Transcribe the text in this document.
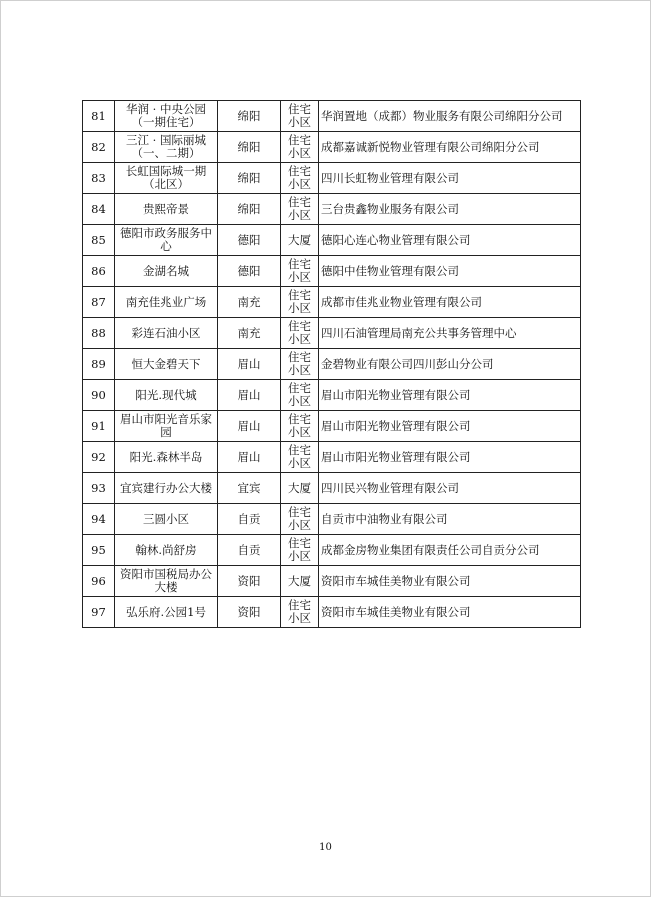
81	华润 · 中央公园（一期住宅）	绵阳	住宅小区	华润置地（成都）物业服务有限公司绵阳分公司
82	三江 · 国际丽城（一、二期）	绵阳	住宅小区	成都嘉诚新悦物业管理有限公司绵阳分公司
83	长虹国际城一期（北区）	绵阳	住宅小区	四川长虹物业管理有限公司
84	贵熙帝景	绵阳	住宅小区	三台贵鑫物业服务有限公司
85	德阳市政务服务中心	德阳	大厦	德阳心连心物业管理有限公司
86	金湖名城	德阳	住宅小区	德阳中佳物业管理有限公司
87	南充佳兆业广场	南充	住宅小区	成都市佳兆业物业管理有限公司
88	彩连石油小区	南充	住宅小区	四川石油管理局南充公共事务管理中心
89	恒大金碧天下	眉山	住宅小区	金碧物业有限公司四川彭山分公司
90	阳光.现代城	眉山	住宅小区	眉山市阳光物业管理有限公司
91	眉山市阳光音乐家园	眉山	住宅小区	眉山市阳光物业管理有限公司
92	阳光.森林半岛	眉山	住宅小区	眉山市阳光物业管理有限公司
93	宜宾建行办公大楼	宜宾	大厦	四川民兴物业管理有限公司
94	三圆小区	自贡	住宅小区	自贡市中油物业有限公司
95	翰林.尚舒房	自贡	住宅小区	成都金房物业集团有限责任公司自贡分公司
96	资阳市国税局办公大楼	资阳	大厦	资阳市车城佳美物业有限公司
97	弘乐府.公园1号	资阳	住宅小区	资阳市车城佳美物业有限公司
10
